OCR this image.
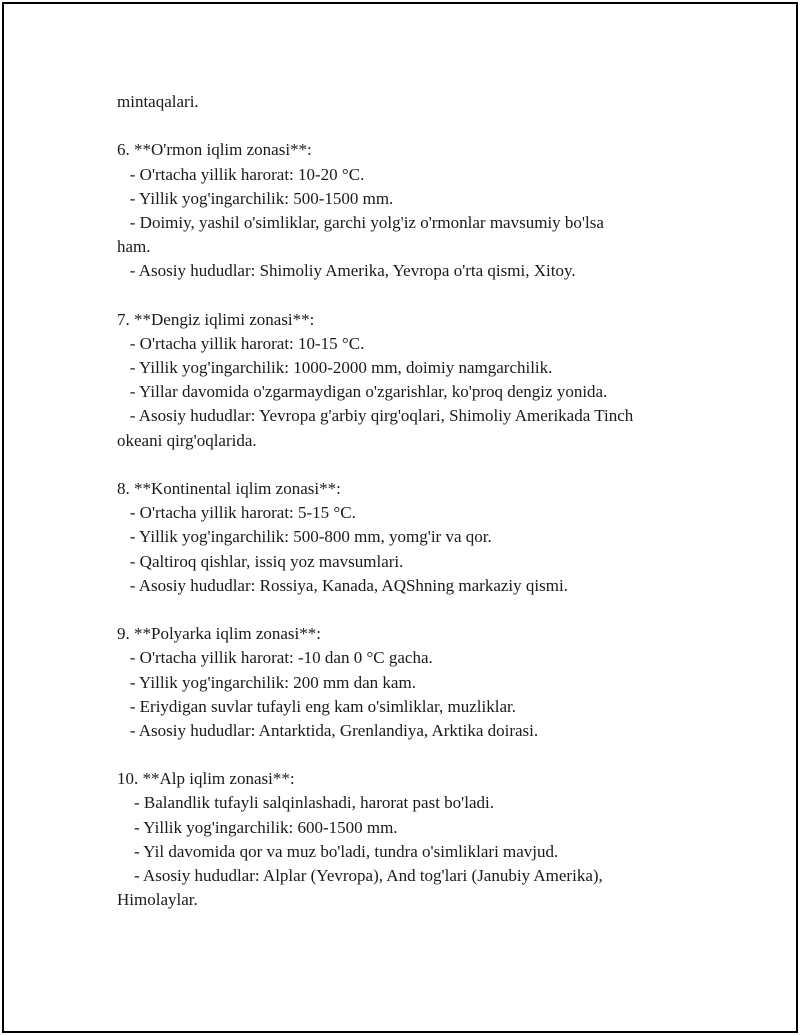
mintaqalari.
6. **O'rmon iqlim zonasi**:
- O'rtacha yillik harorat: 10-20 °C.
- Yillik yog'ingarchilik: 500-1500 mm.
- Doimiy, yashil o'simliklar, garchi yolg'iz o'rmonlar mavsumiy bo'lsa
ham.
- Asosiy hududlar: Shimoliy Amerika, Yevropa o'rta qismi, Xitoy.
7. **Dengiz iqlimi zonasi**:
- O'rtacha yillik harorat: 10-15 °C.
- Yillik yog'ingarchilik: 1000-2000 mm, doimiy namgarchilik.
- Yillar davomida o'zgarmaydigan o'zgarishlar, ko'proq dengiz yonida.
- Asosiy hududlar: Yevropa g'arbiy qirg'oqlari, Shimoliy Amerikada Tinch
okeani qirg'oqlarida.
8. **Kontinental iqlim zonasi**:
- O'rtacha yillik harorat: 5-15 °C.
- Yillik yog'ingarchilik: 500-800 mm, yomg'ir va qor.
- Qaltiroq qishlar, issiq yoz mavsumlari.
- Asosiy hududlar: Rossiya, Kanada, AQShning markaziy qismi.
9. **Polyarka iqlim zonasi**:
- O'rtacha yillik harorat: -10 dan 0 °C gacha.
- Yillik yog'ingarchilik: 200 mm dan kam.
- Eriydigan suvlar tufayli eng kam o'simliklar, muzliklar.
- Asosiy hududlar: Antarktida, Grenlandiya, Arktika doirasi.
10. **Alp iqlim zonasi**:
- Balandlik tufayli salqinlashadi, harorat past bo'ladi.
- Yillik yog'ingarchilik: 600-1500 mm.
- Yil davomida qor va muz bo'ladi, tundra o'simliklari mavjud.
- Asosiy hududlar: Alplar (Yevropa), And tog'lari (Janubiy Amerika),
Himolaylar.
